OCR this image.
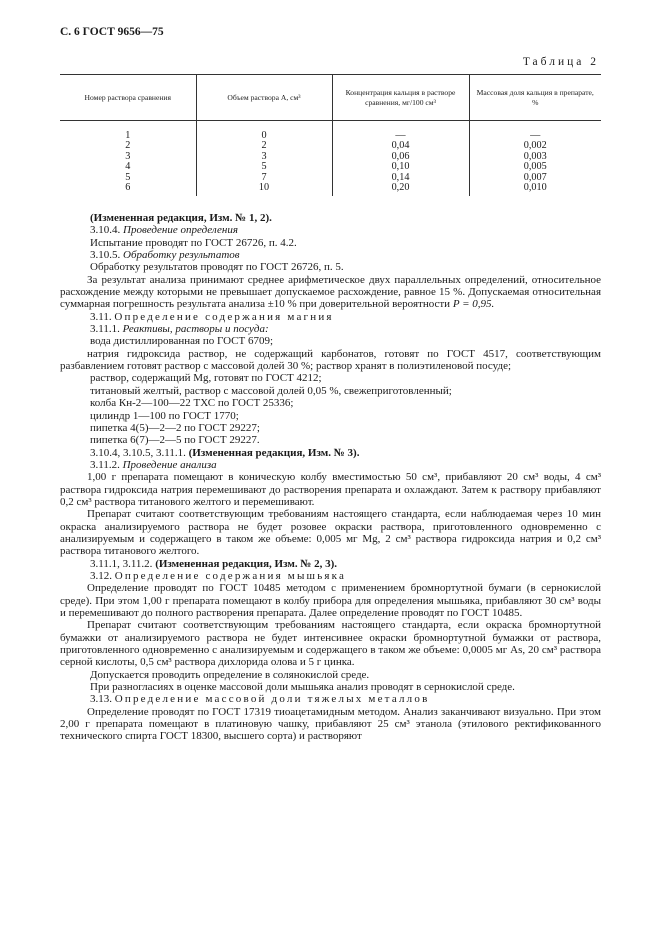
С. 6 ГОСТ 9656—75
Таблица 2
Номер раствора сравнения	Объем раствора А, см³	Концентрация кальция в растворе сравнения, мг/100 см³	Массовая доля кальция в препарате, %
1	0	—	—
2	2	0,04	0,002
3	3	0,06	0,003
4	5	0,10	0,005
5	7	0,14	0,007
6	10	0,20	0,010

(Измененная редакция, Изм. № 1, 2).

3.10.4. Проведение определения

Испытание проводят по ГОСТ 26726, п. 4.2.

3.10.5. Обработку результатов

Обработку результатов проводят по ГОСТ 26726, п. 5.

За результат анализа принимают среднее арифметическое двух параллельных определений, относительное расхождение между которыми не превышает допускаемое расхождение, равное 15 %. Допускаемая относительная суммарная погрешность результата анализа ±10 % при доверительной вероятности P = 0,95.

3.11. Определение содержания магния

3.11.1. Реактивы, растворы и посуда:

вода дистиллированная по ГОСТ 6709;

натрия гидроксида раствор, не содержащий карбонатов, готовят по ГОСТ 4517, соответствующим разбавлением готовят раствор с массовой долей 30 %; раствор хранят в полиэтиленовой посуде;

раствор, содержащий Mg, готовят по ГОСТ 4212;

титановый желтый, раствор с массовой долей 0,05 %, свежеприготовленный;

колба Кн-2—100—22 ТХС по ГОСТ 25336;

цилиндр 1—100 по ГОСТ 1770;

пипетка 4(5)—2—2 по ГОСТ 29227;

пипетка 6(7)—2—5 по ГОСТ 29227.

3.10.4, 3.10.5, 3.11.1. (Измененная редакция, Изм. № 3).

3.11.2. Проведение анализа

1,00 г препарата помещают в коническую колбу вместимостью 50 см³, прибавляют 20 см³ воды, 4 см³ раствора гидроксида натрия перемешивают до растворения препарата и охлаждают. Затем к раствору прибавляют 0,2 см³ раствора титанового желтого и перемешивают.

Препарат считают соответствующим требованиям настоящего стандарта, если наблюдаемая через 10 мин окраска анализируемого раствора не будет розовее окраски раствора, приготовленного одновременно с анализируемым и содержащего в таком же объеме: 0,005 мг Mg, 2 см³ раствора гидроксида натрия и 0,2 см³ раствора титанового желтого.

3.11.1, 3.11.2. (Измененная редакция, Изм. № 2, 3).

3.12. Определение содержания мышьяка

Определение проводят по ГОСТ 10485 методом с применением бромнортутной бумаги (в сернокислой среде). При этом 1,00 г препарата помещают в колбу прибора для определения мышьяка, прибавляют 30 см³ воды и перемешивают до полного растворения препарата. Далее определение проводят по ГОСТ 10485.

Препарат считают соответствующим требованиям настоящего стандарта, если окраска бромнортутной бумажки от анализируемого раствора не будет интенсивнее окраски бромнортутной бумажки от раствора, приготовленного одновременно с анализируемым и содержащего в таком же объеме: 0,0005 мг As, 20 см³ раствора серной кислоты, 0,5 см³ раствора дихлорида олова и 5 г цинка.

Допускается проводить определение в солянокислой среде.

При разногласиях в оценке массовой доли мышьяка анализ проводят в сернокислой среде.

3.13. Определение массовой доли тяжелых металлов

Определение проводят по ГОСТ 17319 тиоацетамидным методом. Анализ заканчивают визуально. При этом 2,00 г препарата помещают в платиновую чашку, прибавляют 25 см³ этанола (этилового ректификованного технического спирта ГОСТ 18300, высшего сорта) и растворяют
